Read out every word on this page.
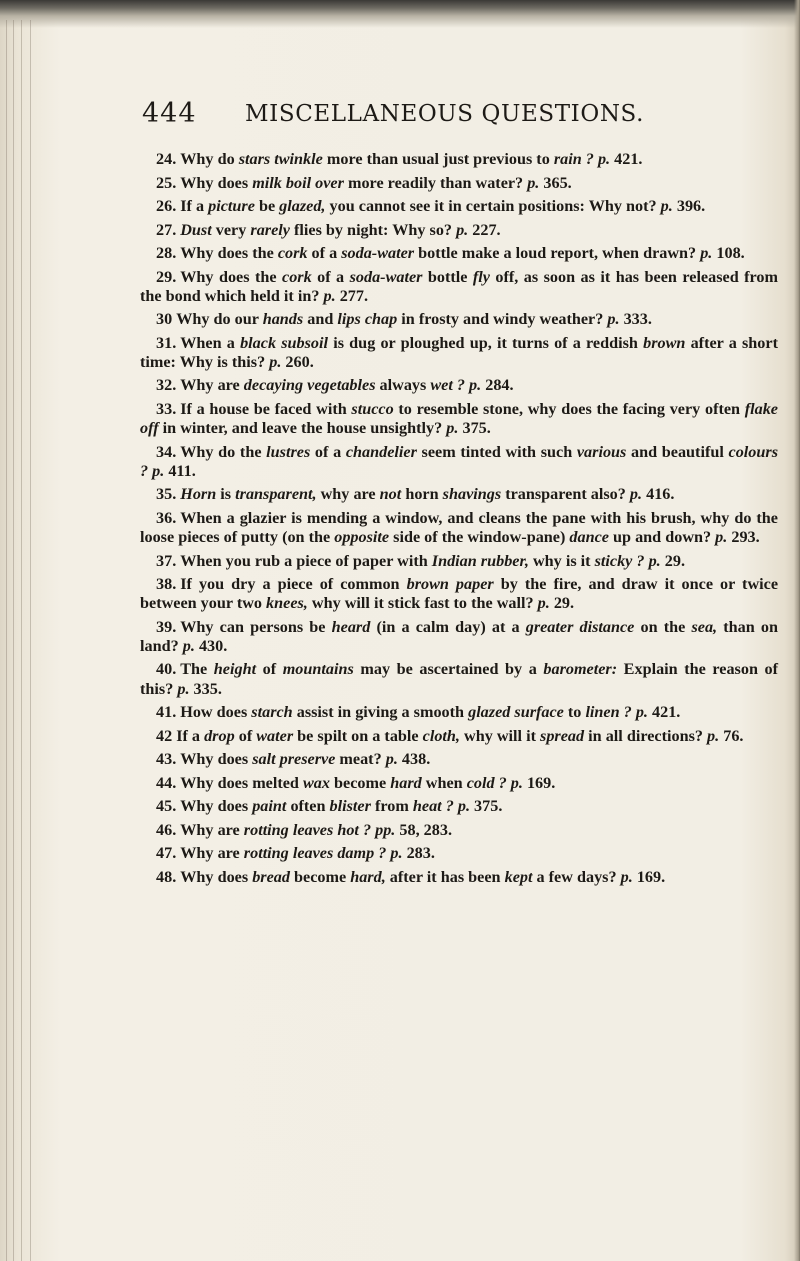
444 MISCELLANEOUS QUESTIONS.

24. Why do stars twinkle more than usual just previous to rain ? p. 421.

25. Why does milk boil over more readily than water? p. 365.

26. If a picture be glazed, you cannot see it in certain positions: Why not? p. 396.

27. Dust very rarely flies by night: Why so? p. 227.

28. Why does the cork of a soda-water bottle make a loud report, when drawn? p. 108.

29. Why does the cork of a soda-water bottle fly off, as soon as it has been released from the bond which held it in? p. 277.

30 Why do our hands and lips chap in frosty and windy weather? p. 333.

31. When a black subsoil is dug or ploughed up, it turns of a reddish brown after a short time: Why is this? p. 260.

32. Why are decaying vegetables always wet ? p. 284.

33. If a house be faced with stucco to resemble stone, why does the facing very often flake off in winter, and leave the house unsightly? p. 375.

34. Why do the lustres of a chandelier seem tinted with such various and beautiful colours ? p. 411.

35. Horn is transparent, why are not horn shavings transparent also? p. 416.

36. When a glazier is mending a window, and cleans the pane with his brush, why do the loose pieces of putty (on the opposite side of the window-pane) dance up and down? p. 293.

37. When you rub a piece of paper with Indian rubber, why is it sticky ? p. 29.

38. If you dry a piece of common brown paper by the fire, and draw it once or twice between your two knees, why will it stick fast to the wall? p. 29.

39. Why can persons be heard (in a calm day) at a greater distance on the sea, than on land? p. 430.

40. The height of mountains may be ascertained by a barometer: Explain the reason of this? p. 335.

41. How does starch assist in giving a smooth glazed surface to linen ? p. 421.

42 If a drop of water be spilt on a table cloth, why will it spread in all directions? p. 76.

43. Why does salt preserve meat? p. 438.

44. Why does melted wax become hard when cold ? p. 169.

45. Why does paint often blister from heat ? p. 375.

46. Why are rotting leaves hot ? pp. 58, 283.

47. Why are rotting leaves damp ? p. 283.

48. Why does bread become hard, after it has been kept a few days? p. 169.
